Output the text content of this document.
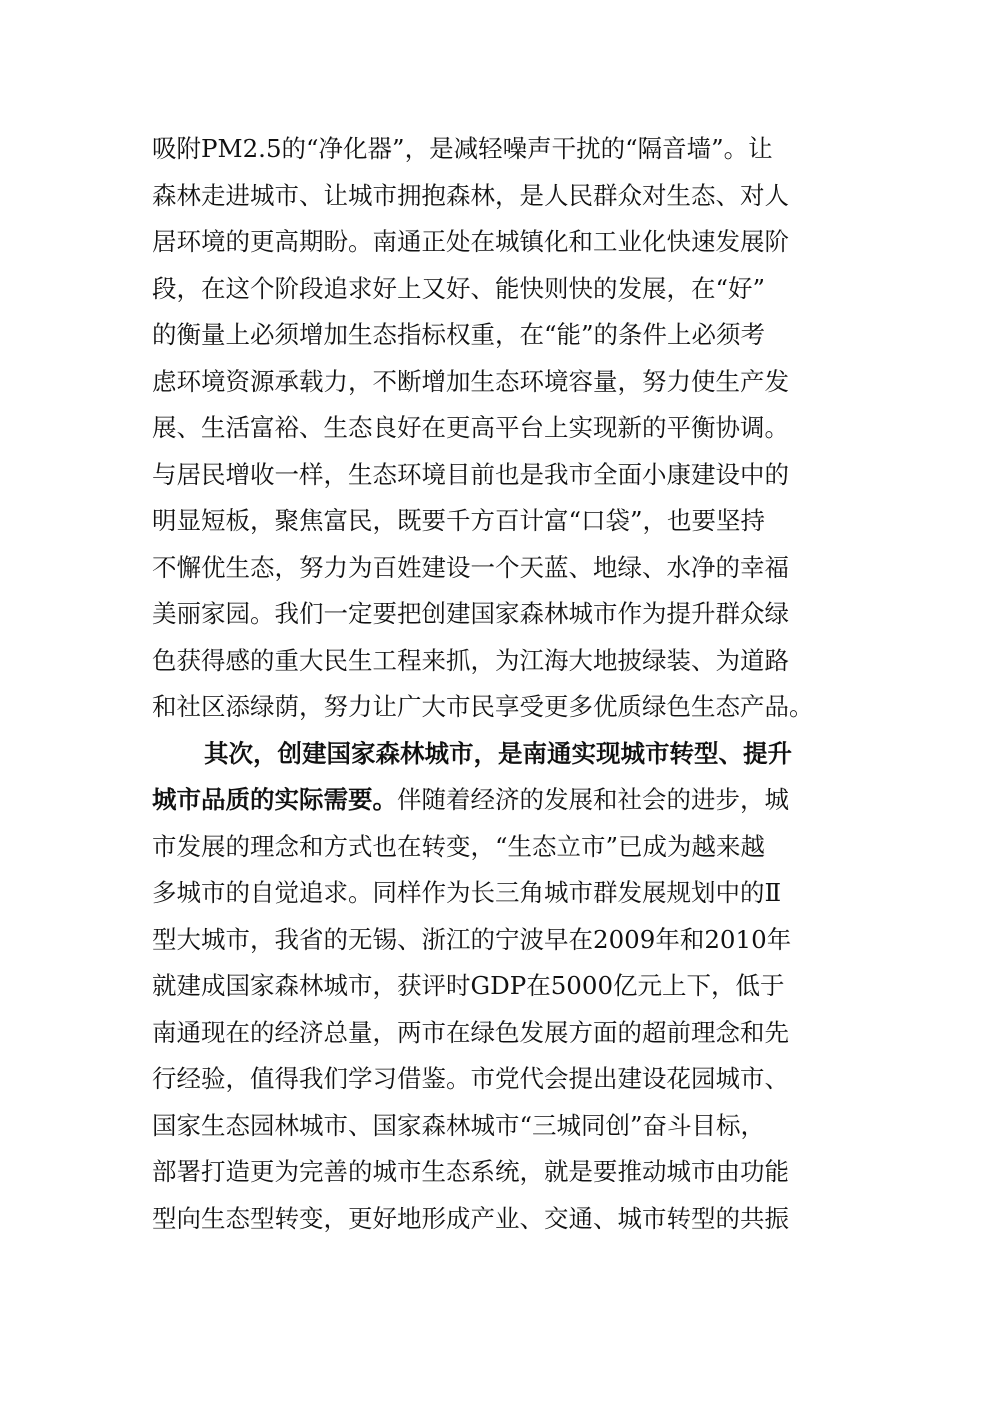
吸附PM2.5的“净化器”，是减轻噪声干扰的“隔音墙”。让
森林走进城市、让城市拥抱森林，是人民群众对生态、对人
居环境的更高期盼。南通正处在城镇化和工业化快速发展阶
段，在这个阶段追求好上又好、能快则快的发展，在“好”
的衡量上必须增加生态指标权重，在“能”的条件上必须考
虑环境资源承载力，不断增加生态环境容量，努力使生产发
展、生活富裕、生态良好在更高平台上实现新的平衡协调。
与居民增收一样，生态环境目前也是我市全面小康建设中的
明显短板，聚焦富民，既要千方百计富“口袋”，也要坚持
不懈优生态，努力为百姓建设一个天蓝、地绿、水净的幸福
美丽家园。我们一定要把创建国家森林城市作为提升群众绿
色获得感的重大民生工程来抓，为江海大地披绿装、为道路
和社区添绿荫，努力让广大市民享受更多优质绿色生态产品。
其次，创建国家森林城市，是南通实现城市转型、提升
城市品质的实际需要。伴随着经济的发展和社会的进步，城
市发展的理念和方式也在转变，“生态立市”已成为越来越
多城市的自觉追求。同样作为长三角城市群发展规划中的Ⅱ
型大城市，我省的无锡、浙江的宁波早在2009年和2010年
就建成国家森林城市，获评时GDP在5000亿元上下，低于
南通现在的经济总量，两市在绿色发展方面的超前理念和先
行经验，值得我们学习借鉴。市党代会提出建设花园城市、
国家生态园林城市、国家森林城市“三城同创”奋斗目标，
部署打造更为完善的城市生态系统，就是要推动城市由功能
型向生态型转变，更好地形成产业、交通、城市转型的共振
